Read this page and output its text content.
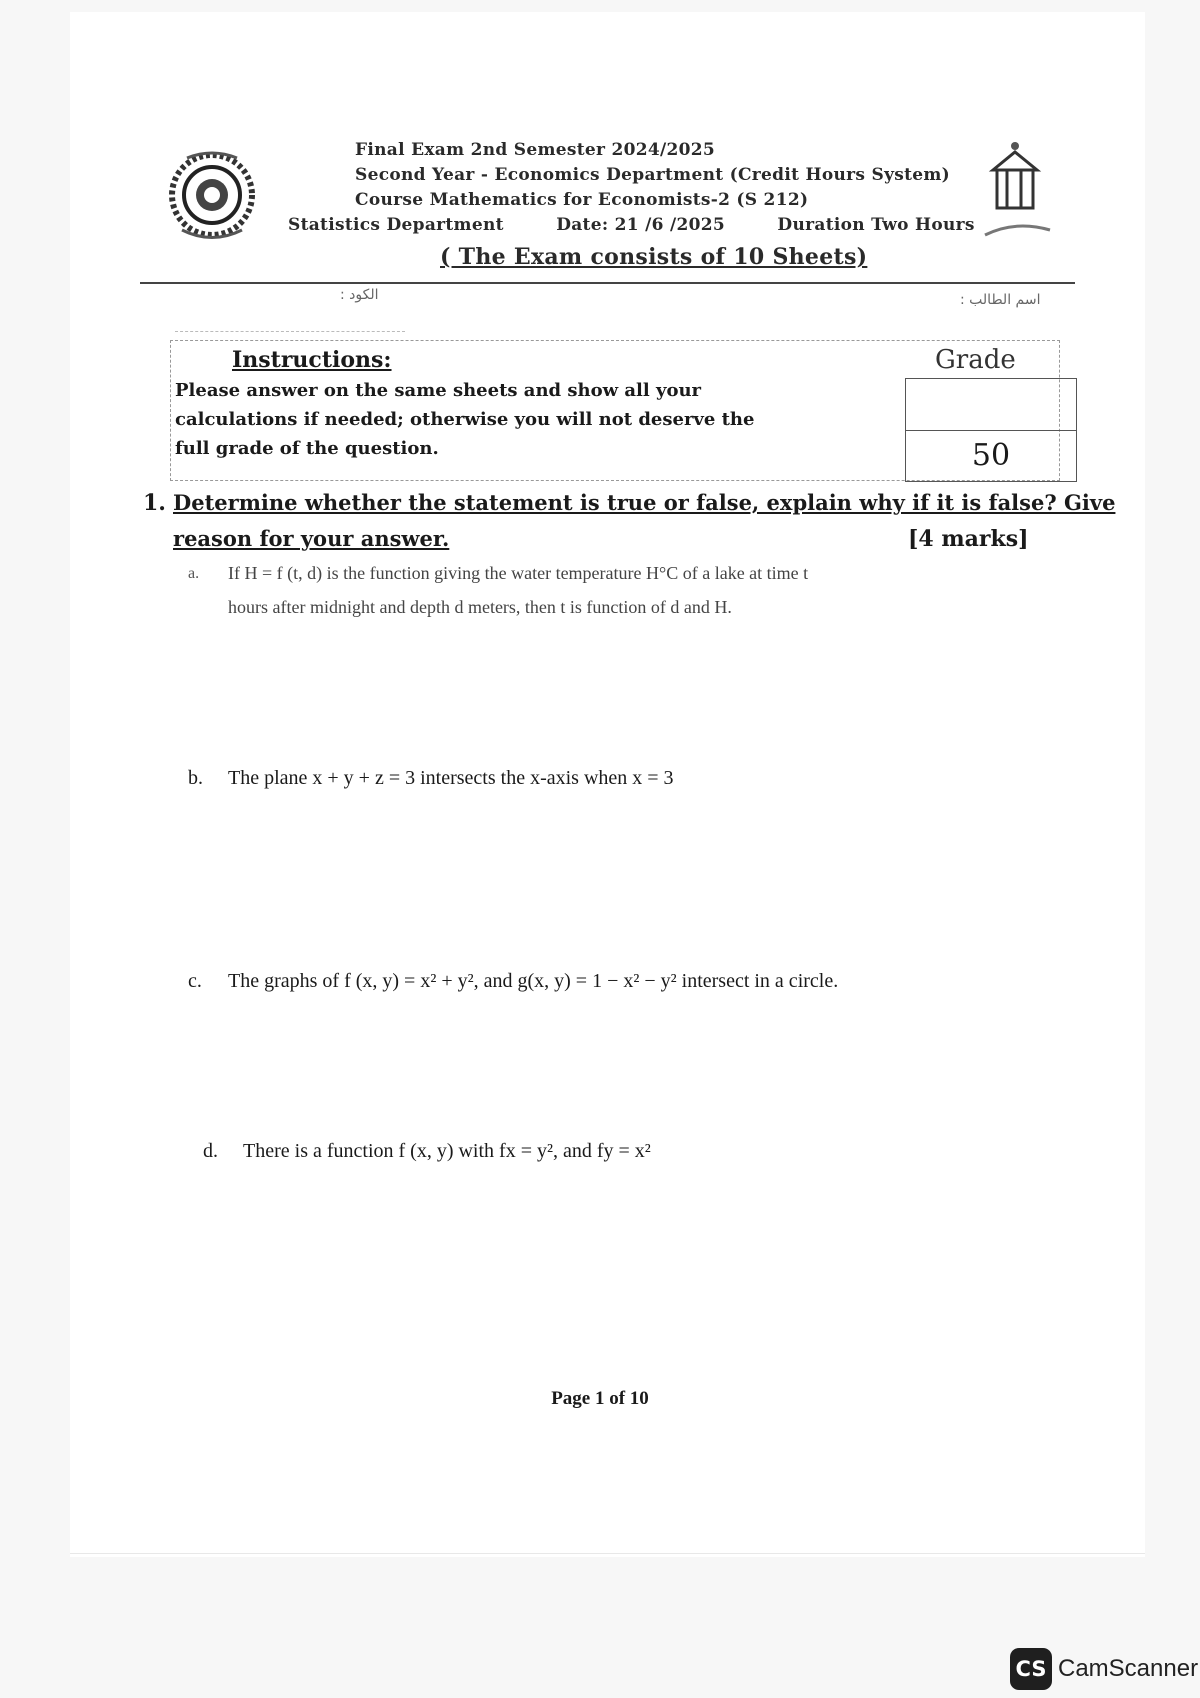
Final Exam 2nd Semester 2024/2025
Second Year - Economics Department (Credit Hours System)
Course Mathematics for Economists-2 (S 212)
Statistics Department	Date: 21 /6 /2025	Duration Two Hours
( The Exam consists of 10 Sheets)
الكود :	اسم الطالب :
Instructions:
Please answer on the same sheets and show all your calculations if needed; otherwise you will not deserve the full grade of the question.
Grade
50
1. Determine whether the statement is true or false, explain why if it is false? Give
reason for your answer.	[4 marks]
a. If H = f (t, d) is the function giving the water temperature H°C of a lake at time t
hours after midnight and depth d meters, then t is function of d and H.
b. The plane x + y + z = 3 intersects the x-axis when x = 3
c. The graphs of f (x, y) = x² + y², and g(x, y) = 1 − x² − y² intersect in a circle.
d. There is a function f (x, y) with fx = y², and fy = x²
Page 1 of 10
CS CamScanner
